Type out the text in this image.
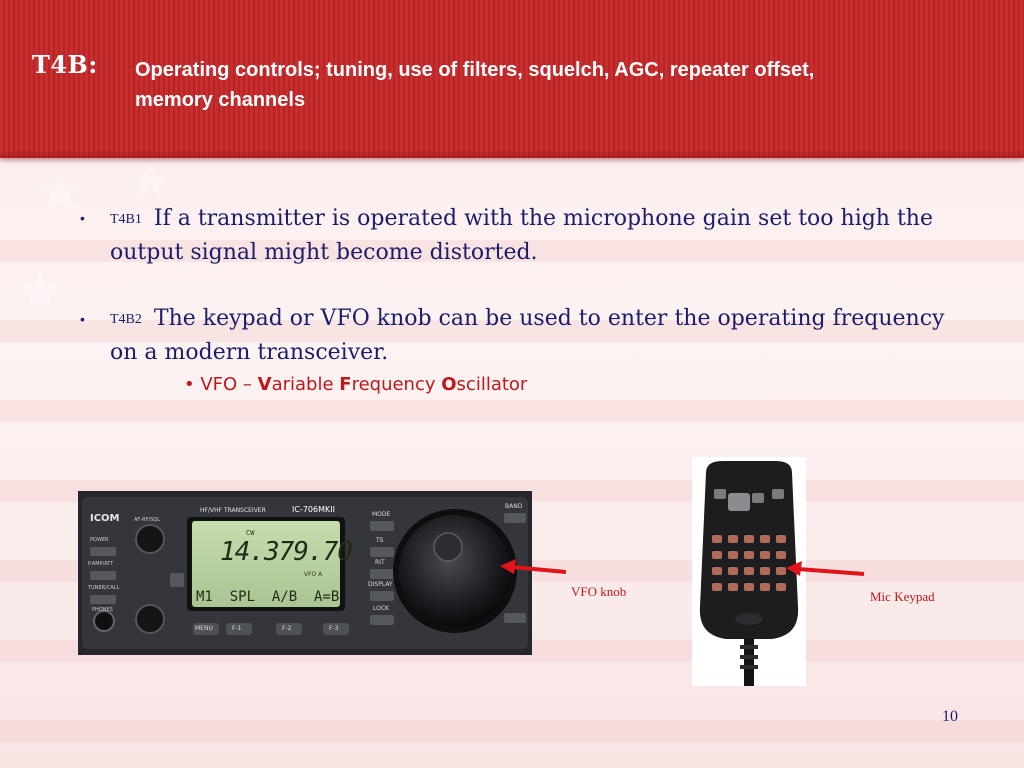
T4B: Operating controls; tuning, use of filters, squelch, AGC, repeater offset, memory channels
• T4B1 If a transmitter is operated with the microphone gain set too high the output signal might become distorted.
• T4B2 The keypad or VFO knob can be used to enter the operating frequency on a modern transceiver.
• VFO – Variable Frequency Oscillator
ICOM
HF/VHF TRANSCEIVER	IC-706MKII
CW
14.379.70
VFO A
M1  SPL  A/B  A=B
MENU	F-1	F-2	F-3
MODE
TS
RIT
DISPLAY
LOCK
BAND
POWER
P.AMP/ATT
TUNER/CALL
PHONES
AF-RF/SQL
VFO knob	Mic Keypad
10
